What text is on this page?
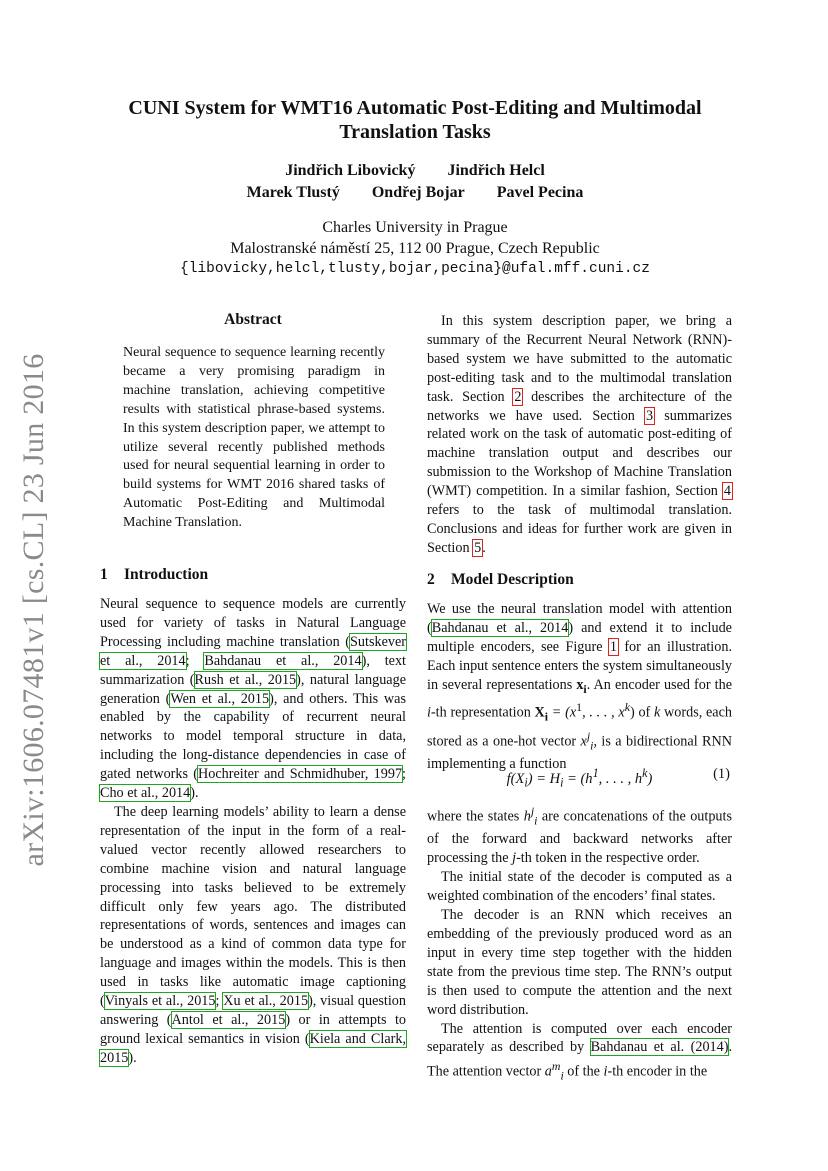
arXiv:1606.07481v1 [cs.CL] 23 Jun 2016
CUNI System for WMT16 Automatic Post-Editing and Multimodal
Translation Tasks
Jindřich Libovický Jindřich Helcl
Marek Tlustý Ondřej Bojar Pavel Pecina
Charles University in Prague
Malostranské náměstí 25, 112 00 Prague, Czech Republic
{libovicky,helcl,tlusty,bojar,pecina}@ufal.mff.cuni.cz
Abstract
Neural sequence to sequence learning recently became a very promising paradigm in machine translation, achieving competitive results with statistical phrase-based systems. In this system description paper, we attempt to utilize several recently published methods used for neural sequential learning in order to build systems for WMT 2016 shared tasks of Automatic Post-Editing and Multimodal Machine Translation.
1 Introduction

Neural sequence to sequence models are currently used for variety of tasks in Natural Language Processing including machine translation (Sutskever et al., 2014; Bahdanau et al., 2014), text summarization (Rush et al., 2015), natural language generation (Wen et al., 2015), and others. This was enabled by the capability of recurrent neural networks to model temporal structure in data, including the long-distance dependencies in case of gated networks (Hochreiter and Schmidhuber, 1997; Cho et al., 2014).

The deep learning models’ ability to learn a dense representation of the input in the form of a real-valued vector recently allowed researchers to combine machine vision and natural language processing into tasks believed to be extremely difficult only few years ago. The distributed representations of words, sentences and images can be understood as a kind of common data type for language and images within the models. This is then used in tasks like automatic image captioning (Vinyals et al., 2015; Xu et al., 2015), visual question answering (Antol et al., 2015) or in attempts to ground lexical semantics in vision (Kiela and Clark, 2015).

In this system description paper, we bring a summary of the Recurrent Neural Network (RNN)-based system we have submitted to the automatic post-editing task and to the multimodal translation task. Section 2 describes the architecture of the networks we have used. Section 3 summarizes related work on the task of automatic post-editing of machine translation output and describes our submission to the Workshop of Machine Translation (WMT) competition. In a similar fashion, Section 4 refers to the task of multimodal translation. Conclusions and ideas for further work are given in Section 5.

2 Model Description

We use the neural translation model with attention (Bahdanau et al., 2014) and extend it to include multiple encoders, see Figure 1 for an illustration. Each input sentence enters the system simultaneously in several representations $x_i$. An encoder used for the i-th representation $X_i = (x^1$, . . . , $x^k$) of k words, each stored as a one-hot vector $x^j_i$, is a bidirectional RNN implementing a function

$f(X_i) = H_i = (h^1$, . . . , $h^k$)	(1)

where the states $h^j_i$ are concatenations of the outputs of the forward and backward networks after processing the j-th token in the respective order.

The initial state of the decoder is computed as a weighted combination of the encoders’ final states.

The decoder is an RNN which receives an embedding of the previously produced word as an input in every time step together with the hidden state from the previous time step. The RNN’s output is then used to compute the attention and the next word distribution.

The attention is computed over each encoder separately as described by Bahdanau et al. (2014). The attention vector $a^m_i$ of the i-th encoder in the
